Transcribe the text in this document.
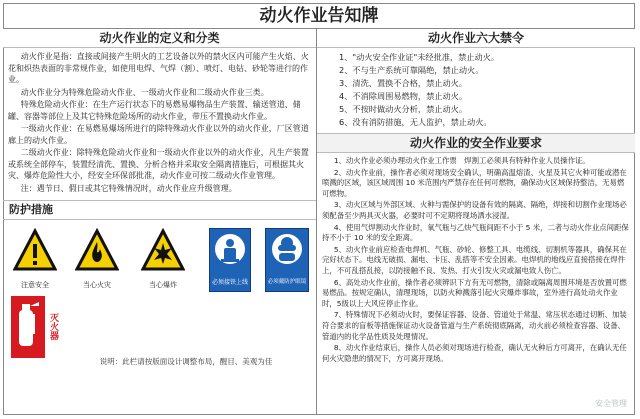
动火作业告知牌
动火作业的定义和分类

动火作业是指：直接或间接产生明火的工艺设备以外的禁火区内可能产生火焰、火花和炽热表面的非常规作业，如使用电焊、气焊（割）、喷灯、电钻、砂轮等进行的作业。

动火作业分为特殊危险动火作业、一级动火作业和二级动火作业三类。

特殊危险动火作业：在生产运行状态下的易燃易爆物品生产装置、输送管道、储罐、容器等部位上及其它特殊危险场所的动火作业，带压不置换动火作业。

一级动火作业：在易燃易爆场所进行的除特殊动火作业以外的动火作业，厂区管道廊上的动火作业。

二级动火作业：除特殊危险动火作业和一级动火作业以外的动火作业，凡生产装置或系统全部停车，装置经清洗、置换、分析合格并采取安全隔离措施后，可根据其火灾、爆炸危险性大小，经安全环保部批准，动火作业可按二级动火作业管理。

注：遇节日、假日或其它特殊情况时，动火作业应升级管理。

防护措施
注意安全	当心火灾	当心爆炸	必须接铁上线	必须戴防护眼镜
灭火器
说明：此栏请按版面设计调整布局，醒目、美观为佳
动火作业六大禁令
1、"动火安全作业证"未经批准，禁止动火。
2、不与生产系统可靠隔绝，禁止动火。
3、清洗、置换不合格，禁止动火。
4、不消除周围易燃物，禁止动火。
5、不按时做动火分析，禁止动火。
6、没有消防措施，无人监护，禁止动火。
动火作业的安全作业要求

1、动火作业必须办理动火作业工作票　焊割工必须具有特种作业人员操作证。

2、动火作业前，操作者必须对现场安全确认，明确高温熔渣、火星及其它火种可能或潜在喷溅的区域，该区域周围 10 米范围内严禁存在任何可燃物，确保动火区域保持整洁，无易燃可燃物。

3、动火区域与外部区域、火种与需保护的设备有效的隔离、隔绝，焊接和切割作业现场必须配备至少两具灭火器，必要时可不定期将现场洒水浸湿。

4、使用气焊割动火作业时，氧气瓶与乙炔气瓶间距不小于 5 米，二者与动火作业点间距保持不小于 10 米的安全距离。

5、动火作业前应检查电焊机、气瓶、砂轮、修整工具、电缆线、切割机等器具，确保其在完好状态下。电线无破损、漏电、卡压、乱搭等不安全因素。电焊机的地线应直接搭接在焊件上，不可乱搭乱接，以防接触不良、发热、打火引发火灾或漏电致人伤亡。

6、高处动火作业前，操作者必须辨识下方有无可燃物，清除或隔离周围环境是否放置可燃易燃品。按规定确认，清理现场，以防火种溅落引起火灾爆炸事故，室外进行高处动火作业时，5级以上大风应停止作业。

7、特殊情况下必须动火时，要保证容器、设备、管道处于常温、常压状态通过切断、加装符合要求的盲板等措施保证动火设备管道与生产系统彻底隔离，动火前必须检查容器、设备、管道内的化学品性质及处理情况。

8、动火作业结束后，操作人员必须对现场进行检查，确认无火种后方可离开，在确认无任何火灾隐患的情况下，方可离开现场。

安全管理
